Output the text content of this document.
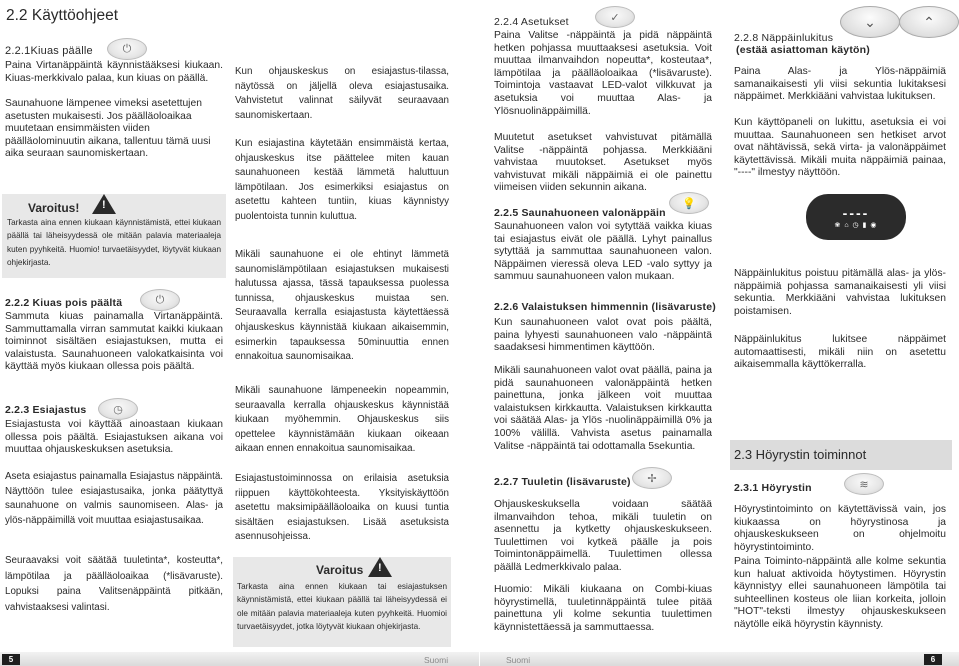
2.2 Käyttöohjeet
2.2.1Kiuas päälle	⏻

Paina Virtanäppäintä käynnistääksesi kiukaan. Kiuas-merkkivalo palaa, kun kiuas on päällä.

Saunahuone lämpenee vimeksi asetettujen asetusten mukaisesti. Jos päälläoloaikaa muutetaan ensimmäisten viiden päälläolominuutin aikana, tallentuu tämä uusi aika seuraan saunomiskertaan.

!

Varoitus!

Tarkasta aina ennen kiukaan käynnistämistä, ettei kiukaan päällä tai läheisyydessä ole mitään palavia materiaaleja kuten pyyhkeitä. Huomio! turvaetäisyydet, löytyvät kiukaan ohjekirjasta.

2.2.2 Kiuas pois päältä	⏻

Sammuta kiuas painamalla Virtanäppäintä. Sammuttamalla virran sammutat kaikki kiukaan toiminnot sisältäen esiajastuksen, mutta ei valaistusta. Saunahuoneen valokatkaisinta voi käyttää myös kiukaan ollessa pois päältä.

2.2.3 Esiajastus	◷

Esiajastusta voi käyttää ainoastaan kiukaan ollessa pois päältä. Esiajastuksen aikana voi muuttaa ohjauskeskuksen asetuksia.

Aseta esiajastus painamalla Esiajastus näppäintä. Näyttöön tulee esiajastusaika, jonka päätyttyä saunahuone on valmis saunomiseen. Alas- ja ylös-näppäimillä voit muuttaa esiajastusaikaa.

Seuraavaksi voit säätää tuuletinta*, kosteutta*, lämpötilaa ja päälläoloaikaa (*lisävaruste). Lopuksi paina Valitsenäppäintä pitkään, vahvistaaksesi valintasi.

Kun ohjauskeskus on esiajastus-tilassa, näytössä on jäljellä oleva esiajastusaika. Vahvistetut valinnat säilyvät seuraavaan saunomiskertaan.

Kun esiajastina käytetään ensimmäistä kertaa, ohjauskeskus itse päättelee miten kauan saunahuoneen kestää lämmetä haluttuun lämpötilaan. Jos esimerkiksi esiajastus on asetettu kahteen tuntiin, kiuas käynnistyy puolentoista tunnin kuluttua.

Mikäli saunahuone ei ole ehtinyt lämmetä saunomislämpötilaan esiajastuksen mukaisesti halutussa ajassa, tässä tapauksessa puolessa tunnissa, ohjauskeskus muistaa sen. Seuraavalla kerralla esiajastusta käytettäessä ohjauskeskus käynnistää kiukaan aikaisemmin, esimerkin tapauksessa 50minuuttia ennen ennakoitua saunomisaikaa.

Mikäli saunahuone lämpeneekin nopeammin, seuraavalla kerralla ohjauskeskus käynnistää kiukaan myöhemmin. Ohjauskeskus siis opettelee käynnistämään kiukaan oikeaan aikaan ennen ennakoitua saunomisaikaa.

Esiajastustoiminnossa on erilaisia asetuksia riippuen käyttökohteesta. Yksityiskäyttöön asetettu maksimipäälläoloaika on kuusi tuntia sisältäen esiajastuksen. Lisää asetuksista asennusohjeissa.

Varoitus !

Tarkasta aina ennen kiukaan tai esiajastuksen käynnistämistä, ettei kiukaan päällä tai läheisyydessä ei ole mitään palavia materiaaleja kuten pyyhkeitä. Huomioi turvaetäisyydet, jotka löytyvät kiukaan ohjekirjasta.

5	Suomi
2.2.4 Asetukset	✓

Paina Valitse -näppäintä ja pidä näppäintä hetken pohjassa muuttaaksesi asetuksia. Voit muuttaa ilmanvaihdon nopeutta*, kosteutaa*, lämpötilaa ja päälläoloaikaa (*lisävaruste). Toimintoja vastaavat LED-valot vilkkuvat ja asetuksia voi muuttaa Alas- ja Ylösnuolinäppäimillä.

Muutetut asetukset vahvistuvat pitämällä Valitse -näppäintä pohjassa. Merkkiääni vahvistaa muutokset. Asetukset myös vahvistuvat mikäli näppäimiä ei ole painettu viimeisen viiden sekunnin aikana.

2.2.5 Saunahuoneen valonäppäin
💡

Saunahuoneen valon voi sytyttää vaikka kiuas tai esiajastus eivät ole päällä. Lyhyt painallus sytyttää ja sammuttaa saunahuoneen valon. Näppäimen vieressä oleva LED -valo syttyy ja sammuu saunahuoneen valon mukaan.

2.2.6 Valaistuksen himmennin (lisävaruste)

Kun saunahuoneen valot ovat pois päältä, paina lyhyesti saunahuoneen valo -näppäintä saadaksesi himmentimen käyttöön.

Mikäli saunahuoneen valot ovat päällä, paina ja pidä saunahuoneen valonäppäintä hetken painettuna, jonka jälkeen voit muuttaa valaistuksen kirkkautta. Valaistuksen kirkkautta voi säätää Alas- ja Ylös -nuolinäppäimillä 0% ja 100% välillä. Vahvista asetus painamalla Valitse -näppäintä tai odottamalla 5sekuntia.

2.2.7 Tuuletin (lisävaruste)	✢

Ohjauskeskuksella voidaan säätää ilmanvaihdon tehoa, mikäli tuuletin on asennettu ja kytketty ohjauskeskukseen. Tuulettimen voi kytkeä päälle ja pois Toimintonäppäimellä. Tuulettimen ollessa päällä Ledmerkkivalo palaa.

Huomio: Mikäli kiukaana on Combi-kiuas höyrystimellä, tuuletinnäppäintä tulee pitää painettuna yli kolme sekuntia tuulettimen käynnistettäessä ja sammuttaessa.

2.2.8 Näppäinlukitus
(estää asiattoman käytön)
⌄	⌃

Paina Alas- ja Ylös-näppäimiä samanaikaisesti yli viisi sekuntia lukitaksesi näppäimet. Merkkiääni vahvistaa lukituksen.

Kun käyttöpaneli on lukittu, asetuksia ei voi muuttaa. Saunahuoneen sen hetkiset arvot ovat nähtävissä, sekä virta- ja valonäppäimet käytettävissä. Mikäli muita näppäimiä painaa, "----" ilmestyy näyttöön.

----
❀ ⌂ ◷ ▮ ◉

Näppäinlukitus poistuu pitämällä alas- ja ylös-näppäimiä pohjassa samanaikaisesti yli viisi sekuntia. Merkkiääni vahvistaa lukituksen poistamisen.

Näppäinlukitus lukitsee näppäimet automaattisesti, mikäli niin on asetettu aikaisemmalla käyttökerralla.

2.3 Höyrystin toiminnot
2.3.1 Höyrystin	≋

Höyrystintoiminto on käytettävissä vain, jos kiukaassa on höyrystinosa ja ohjauskeskukseen on ohjelmoitu höyrystintoiminto.

Paina Toiminto-näppäintä alle kolme sekuntia kun haluat aktivoida höytystimen. Höyrystin käynnistyy ellei saunahuoneen lämpötila tai suhteellinen kosteus ole liian korkeita, jolloin "HOT"-teksti ilmestyy ohjauskeskukseen näytölle eikä höyrystin käynnisty.

Suomi	6
